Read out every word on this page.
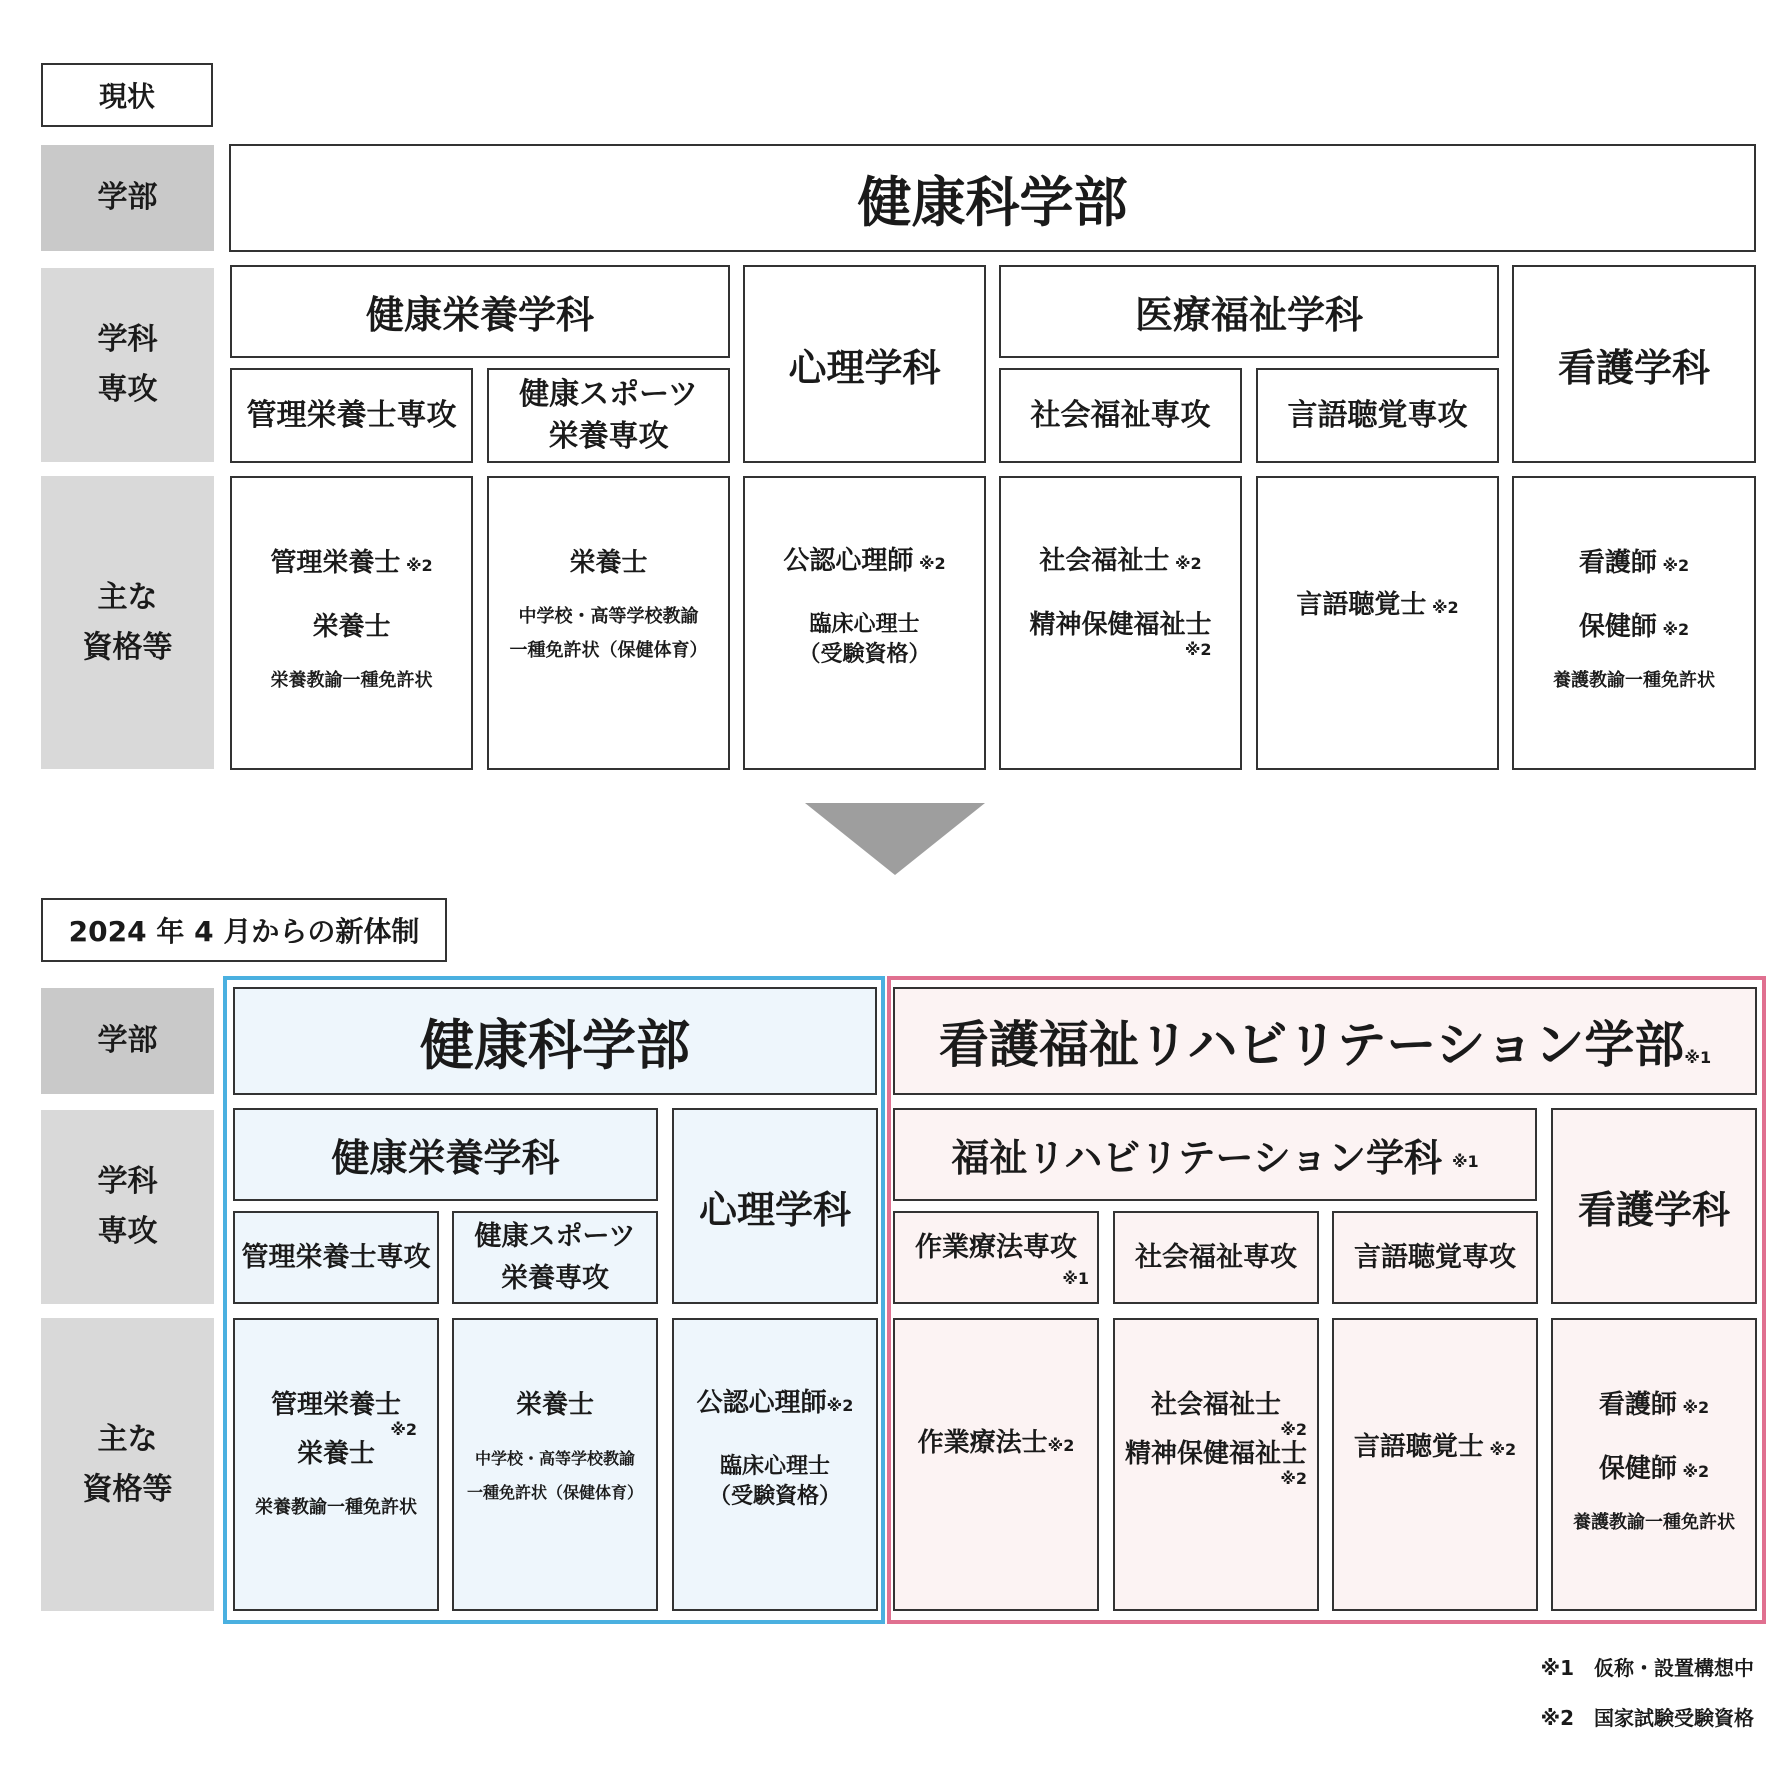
現状
学部
学科
専攻
主な
資格等
健康科学部
健康栄養学科
心理学科
医療福祉学科
看護学科
管理栄養士専攻
健康スポーツ
栄養専攻
社会福祉専攻	言語聴覚専攻
管理栄養士 ※2
栄養士
栄養教諭一種免許状
栄養士
中学校・高等学校教諭
一種免許状（保健体育）
公認心理師 ※2
臨床心理士
（受験資格）
社会福祉士 ※2
精神保健福祉士
※2
言語聴覚士 ※2
看護師 ※2
保健師 ※2
養護教諭一種免許状
2024 年 4 月からの新体制
学部
学科
専攻
主な
資格等
健康科学部
健康栄養学科
心理学科
管理栄養士専攻
健康スポーツ
栄養専攻
管理栄養士
※2
栄養士
栄養教諭一種免許状
栄養士
中学校・高等学校教諭
一種免許状（保健体育）
公認心理師※2
臨床心理士
（受験資格）
看護福祉リハビリテーション学部 ※1
福祉リハビリテーション学科 ※1
看護学科
作業療法専攻
※1
社会福祉専攻 言語聴覚専攻
作業療法士※2
社会福祉士
※2
精神保健福祉士
※2
言語聴覚士 ※2
看護師 ※2
保健師 ※2
養護教諭一種免許状
※1　仮称・設置構想中
※2　国家試験受験資格
